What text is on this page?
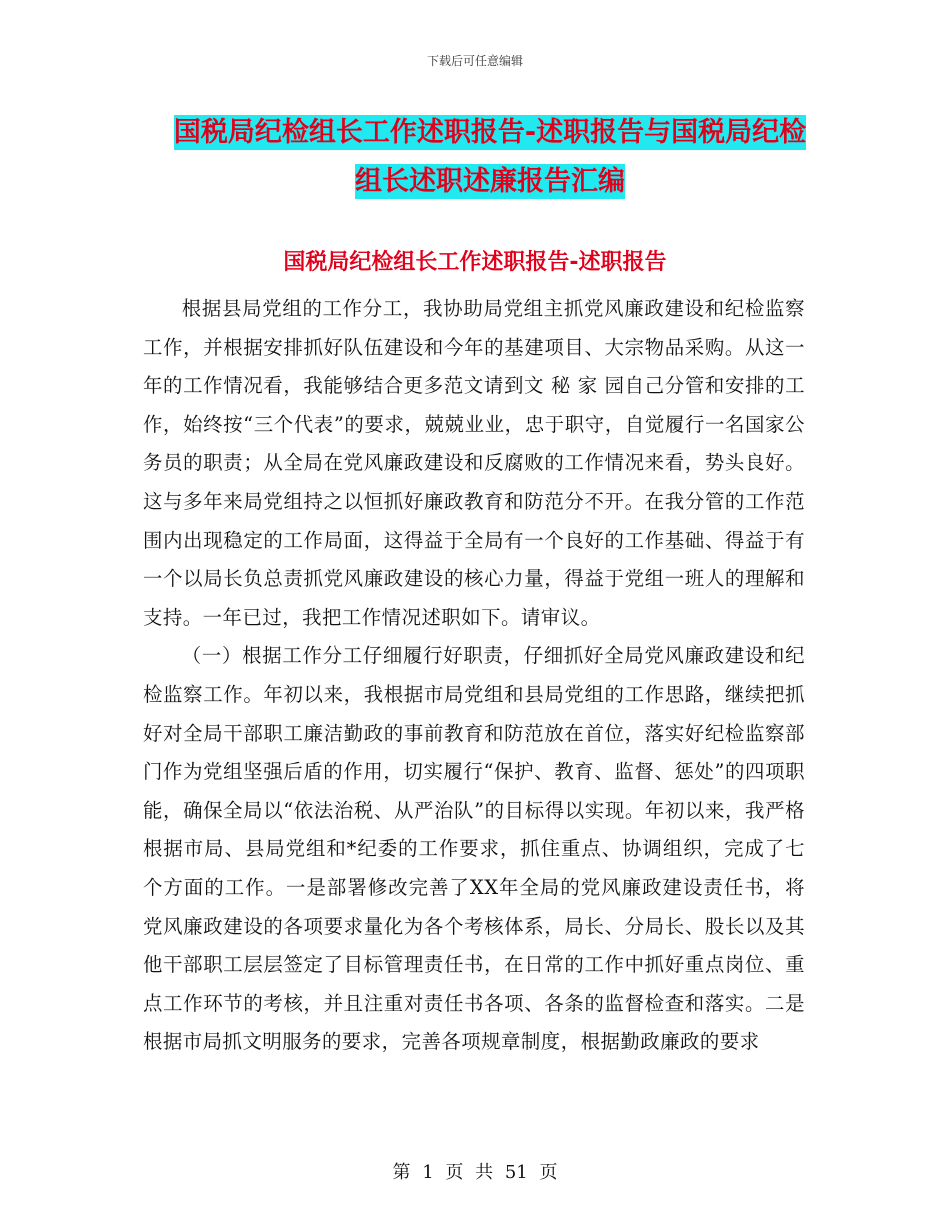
下载后可任意编辑
国税局纪检组长工作述职报告-述职报告与国税局纪检
组长述职述廉报告汇编
国税局纪检组长工作述职报告-述职报告

根据县局党组的工作分工，我协助局党组主抓党风廉政建设和纪检监察工作，并根据安排抓好队伍建设和今年的基建项目、大宗物品采购。从这一年的工作情况看，我能够结合更多范文请到文 秘 家 园自己分管和安排的工作，始终按“三个代表”的要求，兢兢业业，忠于职守，自觉履行一名国家公务员的职责；从全局在党风廉政建设和反腐败的工作情况来看，势头良好。这与多年来局党组持之以恒抓好廉政教育和防范分不开。在我分管的工作范围内出现稳定的工作局面，这得益于全局有一个良好的工作基础、得益于有一个以局长负总责抓党风廉政建设的核心力量，得益于党组一班人的理解和支持。一年已过，我把工作情况述职如下。请审议。

（一）根据工作分工仔细履行好职责，仔细抓好全局党风廉政建设和纪检监察工作。年初以来，我根据市局党组和县局党组的工作思路，继续把抓好对全局干部职工廉洁勤政的事前教育和防范放在首位，落实好纪检监察部门作为党组坚强后盾的作用，切实履行“保护、教育、监督、惩处”的四项职能，确保全局以“依法治税、从严治队”的目标得以实现。年初以来，我严格根据市局、县局党组和*纪委的工作要求，抓住重点、协调组织，完成了七个方面的工作。一是部署修改完善了XX年全局的党风廉政建设责任书，将党风廉政建设的各项要求量化为各个考核体系，局长、分局长、股长以及其他干部职工层层签定了目标管理责任书，在日常的工作中抓好重点岗位、重点工作环节的考核，并且注重对责任书各项、各条的监督检查和落实。二是根据市局抓文明服务的要求，完善各项规章制度，根据勤政廉政的要求

第 1 页 共 51 页
